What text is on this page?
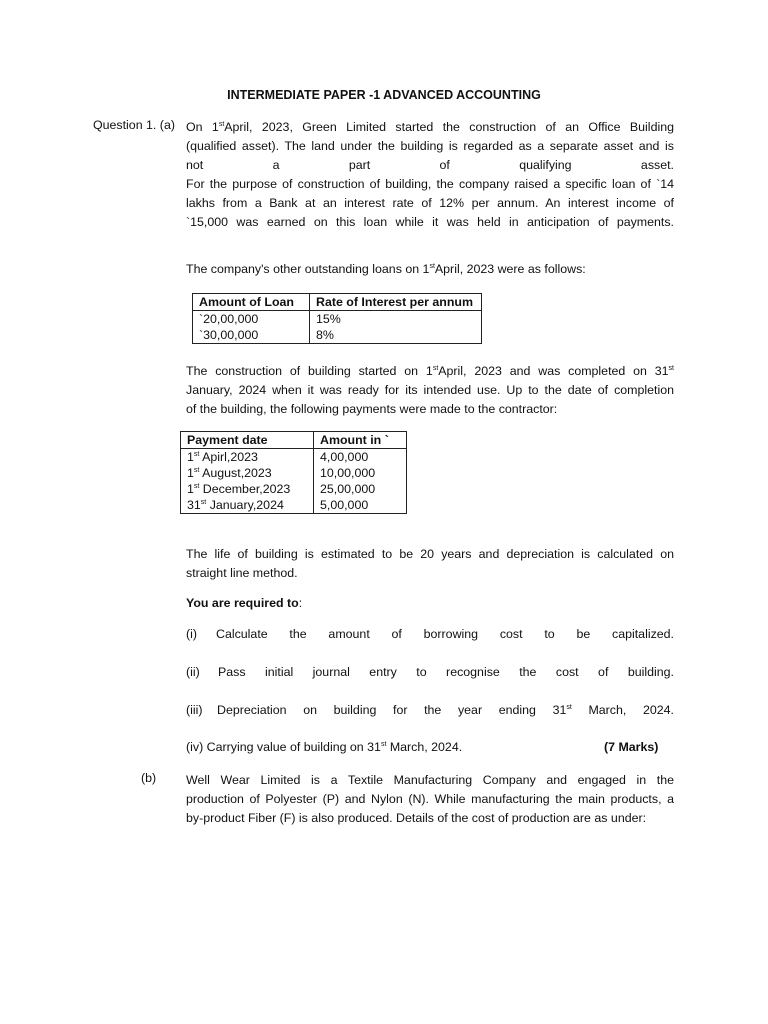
INTERMEDIATE PAPER -1 ADVANCED ACCOUNTING
Question 1. (a) On 1stApril, 2023, Green Limited started the construction of an Office Building
(qualified asset). The land under the building is regarded as a separate asset and is
not a part of qualifying asset.
For the purpose of construction of building, the company raised a specific loan of `14
lakhs from a Bank at an interest rate of 12% per annum. An interest income of
`15,000 was earned on this loan while it was held in anticipation of payments.
The company's other outstanding loans on 1stApril, 2023 were as follows:
Amount of Loan	Rate of Interest per annum
`20,00,000	15%
`30,00,000	8%
The construction of building started on 1stApril, 2023 and was completed on 31st
January, 2024 when it was ready for its intended use. Up to the date of completion
of the building, the following payments were made to the contractor:
Payment date	Amount in `
1st Apirl,2023	4,00,000
1st August,2023	10,00,000
1st December,2023	25,00,000
31st January,2024	5,00,000
The life of building is estimated to be 20 years and depreciation is calculated on
straight line method.
You are required to:
(i)	Calculate the amount of borrowing cost to be capitalized.
(ii)	Pass initial journal entry to recognise the cost of building.
(iii)	Depreciation on building for the year ending 31st March, 2024.
(iv) Carrying value of building on 31st March, 2024.	(7 Marks)
(b) Well Wear Limited is a Textile Manufacturing Company and engaged in the
production of Polyester (P) and Nylon (N). While manufacturing the main products, a
by-product Fiber (F) is also produced. Details of the cost of production are as under:
